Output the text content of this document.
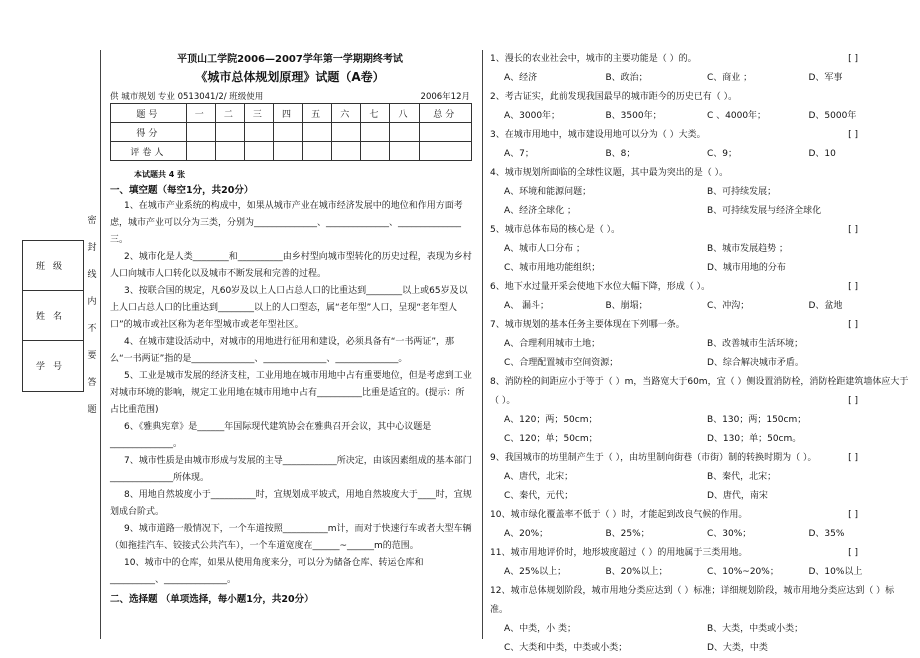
班级
姓名
学号
密
封
线
内
不
要
答
题
平顶山工学院2006—2007学年第一学期期终考试
《城市总体规划原理》试题（A卷）
供 城市规划 专业 0513041/2/ 班级使用	2006年12月
题号	一	二	三	四	五	六	七	八	总分
得分									
评卷人									
本试题共 4 张
一、填空题（每空1分，共20分）
1、在城市产业系统的构成中，如果从城市产业在城市经济发展中的地位和作用方面考虑，城市产业可以分为三类，分别为______________、______________、______________三。
2、城市化是人类________和__________由乡村型向城市型转化的历史过程，表现为乡村人口向城市人口转化以及城市不断发展和完善的过程。
3、按联合国的规定，凡60岁及以上人口占总人口的比重达到________以上或65岁及以上人口占总人口的比重达到________以上的人口型态，属“老年型”人口，呈现“老年型人口”的城市或社区称为老年型城市或老年型社区。
4、在城市建设活动中，对城市的用地进行征用和建设，必须具备有“一书两证”，那么“一书两证”指的是______________、______________、______________。
5、工业是城市发展的经济支柱，工业用地在城市用地中占有重要地位，但是考虑到工业对城市环境的影响，规定工业用地在城市用地中占有__________比重是适宜的。(提示：所占比重范围)
6、《雅典宪章》是______年国际现代建筑协会在雅典召开会议，其中心议题是______________。
7、城市性质是由城市形成与发展的主导____________所决定，由该因素组成的基本部门______________所体现。
8、用地自然坡度小于__________时，宜规划成平坡式，用地自然坡度大于____时，宜规划成台阶式。
9、城市道路一般情况下，一个车道按照__________m计，而对于快速行车或者大型车辆（如拖挂汽车、铰接式公共汽车），一个车道宽度在______~______m的范围。
10、城市中的仓库，如果从使用角度来分，可以分为储备仓库、转运仓库和__________、______________。
二、选择题 （单项选择，每小题1分，共20分）
1、漫长的农业社会中，城市的主要功能是（ ）的。	[ ]
A、经济	B、政治；	C、商业 ；	D、军事
2、考古证实，此前发现我国最早的城市距今的历史已有（ ）。
A、3000年；	B、3500年；	C 、4000年；	D、5000年
3、在城市用地中，城市建设用地可以分为（ ）大类。	[ ]
A、7；	B、8；	C、9；	D、10
4、城市规划所面临的全球性议题，其中最为突出的是（ ）。
A、环境和能源问题；	B、可持续发展；
A、经济全球化 ；	B、可持续发展与经济全球化
5、城市总体布局的核心是（ ）。	[ ]
A、城市人口分布 ；	B、城市发展趋势 ；
C、城市用地功能组织；	D、城市用地的分布
6、地下水过量开采会使地下水位大幅下降，形成（ ）。	[ ]
A、 漏斗；	B、崩塌；	C、冲沟；	D、盆地
7、城市规划的基本任务主要体现在下列哪一条。	[ ]
A、合理利用城市土地；	B、改善城市生活环境；
C、合理配置城市空间资源；	D、综合解决城市矛盾。
8、消防栓的间距应小于等于（ ）m，当路宽大于60m，宜（ ）侧设置消防栓，消防栓距建筑墙体应大于（ ）。	[ ]
A、120；两；50cm；	B、130；两；150cm；
C、120；单；50cm；	D、130；单；50cm。
9、我国城市的坊里制产生于（ ），由坊里制向街巷（市街）制的转换时期为（ ）。	[ ]
A、唐代，北宋；	B、秦代，北宋；
C、秦代，元代；	D、唐代，南宋
10、城市绿化覆盖率不低于（ ）时，才能起到改良气候的作用。	[ ]
A、20%；	B、25%；	C、30%；	D、35%
11、城市用地评价时，地形坡度超过（ ）的用地属于三类用地。	[ ]
A、25%以上；	B、20%以上；	C、10%~20%；	D、10%以上
12、城市总体规划阶段，城市用地分类应达到（ ）标准；详细规划阶段，城市用地分类应达到（ ）标准。
A、中类，小 类；	B、大类，中类或小类；
C、大类和中类，中类或小类；	D、大类，中类
